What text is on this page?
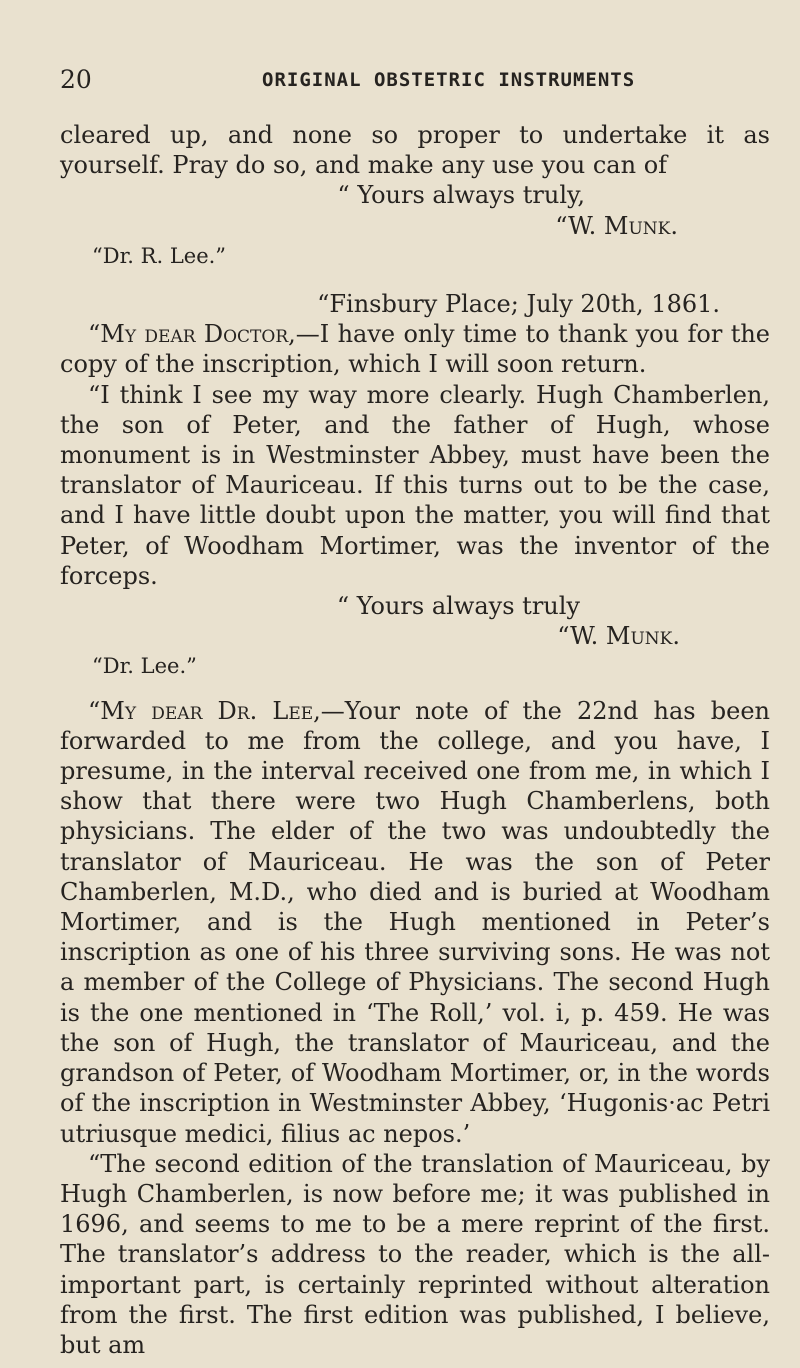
20	ORIGINAL OBSTETRIC INSTRUMENTS

cleared up, and none so proper to undertake it as yourself. Pray do so, and make any use you can of

“ Yours always truly,

“W. Munk.

“Dr. R. Lee.”

“Finsbury Place; July 20th, 1861.

“My dear Doctor,—I have only time to thank you for the copy of the inscription, which I will soon return.

“I think I see my way more clearly. Hugh Chamberlen, the son of Peter, and the father of Hugh, whose monument is in Westminster Abbey, must have been the translator of Mauriceau. If this turns out to be the case, and I have little doubt upon the matter, you will find that Peter, of Woodham Mortimer, was the inventor of the forceps.

“ Yours always truly

“W. Munk.

“Dr. Lee.”

“My dear Dr. Lee,—Your note of the 22nd has been forwarded to me from the college, and you have, I presume, in the interval received one from me, in which I show that there were two Hugh Chamberlens, both physicians. The elder of the two was undoubtedly the translator of Mauriceau. He was the son of Peter Chamberlen, M.D., who died and is buried at Woodham Mortimer, and is the Hugh mentioned in Peter’s inscription as one of his three surviving sons. He was not a member of the College of Physicians. The second Hugh is the one mentioned in ‘The Roll,’ vol. i, p. 459. He was the son of Hugh, the translator of Mauriceau, and the grandson of Peter, of Woodham Mortimer, or, in the words of the inscription in Westminster Abbey, ‘Hugonis·ac Petri utriusque medici, filius ac nepos.’

“The second edition of the translation of Mauriceau, by Hugh Chamberlen, is now before me; it was published in 1696, and seems to me to be a mere reprint of the first. The translator’s address to the reader, which is the all-important part, is certainly reprinted without alteration from the first. The first edition was published, I believe, but am
